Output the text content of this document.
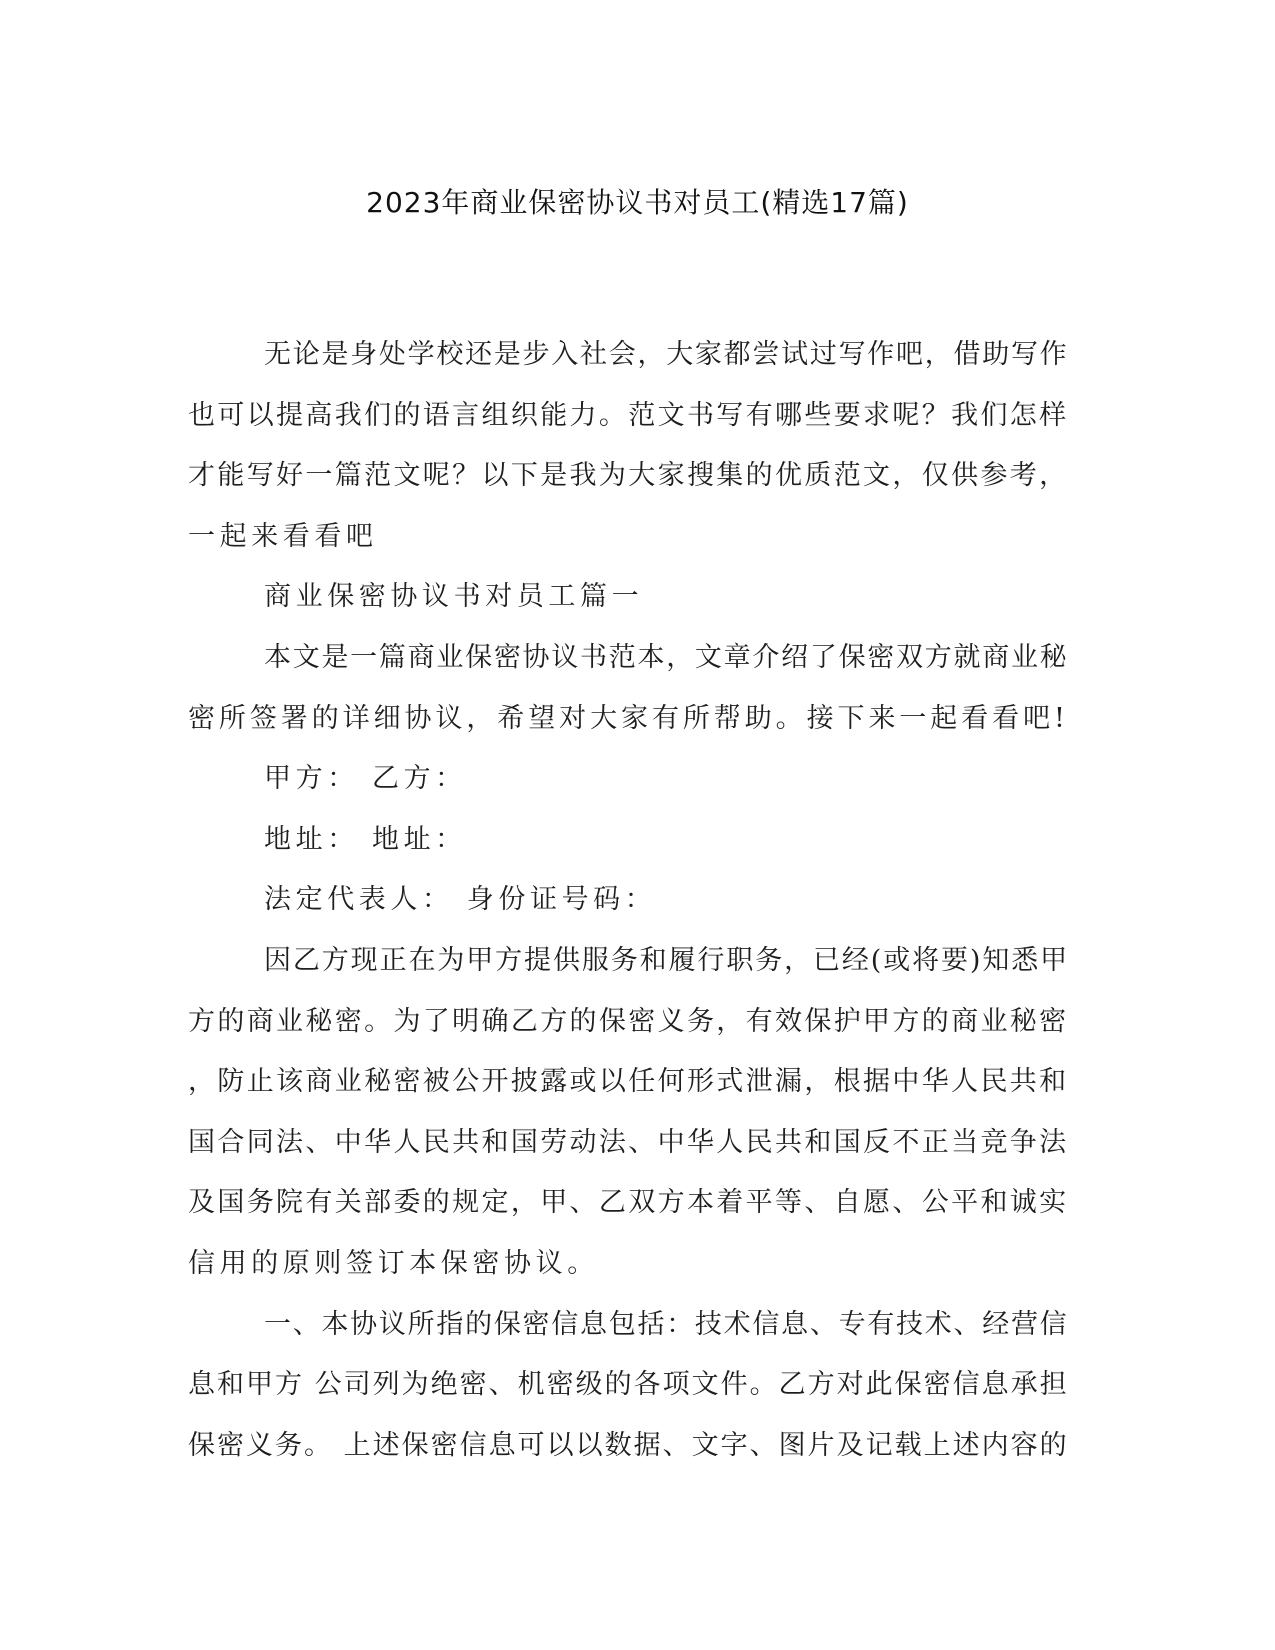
2023年商业保密协议书对员工(精选17篇)
无论是身处学校还是步入社会，大家都尝试过写作吧，借助写作
也可以提高我们的语言组织能力。范文书写有哪些要求呢？我们怎样
才能写好一篇范文呢？以下是我为大家搜集的优质范文，仅供参考，
一起来看看吧
商业保密协议书对员工篇一
本文是一篇商业保密协议书范本，文章介绍了保密双方就商业秘
密所签署的详细协议，希望对大家有所帮助。接下来一起看看吧!
甲方： 乙方：
地址： 地址：
法定代表人： 身份证号码：
因乙方现正在为甲方提供服务和履行职务，已经(或将要)知悉甲
方的商业秘密。为了明确乙方的保密义务，有效保护甲方的商业秘密
，防止该商业秘密被公开披露或以任何形式泄漏，根据中华人民共和
国合同法、中华人民共和国劳动法、中华人民共和国反不正当竞争法
及国务院有关部委的规定，甲、乙双方本着平等、自愿、公平和诚实
信用的原则签订本保密协议。
一、本协议所指的保密信息包括：技术信息、专有技术、经营信
息和甲方 公司列为绝密、机密级的各项文件。乙方对此保密信息承担
保密义务。 上述保密信息可以以数据、文字、图片及记载上述内容的
